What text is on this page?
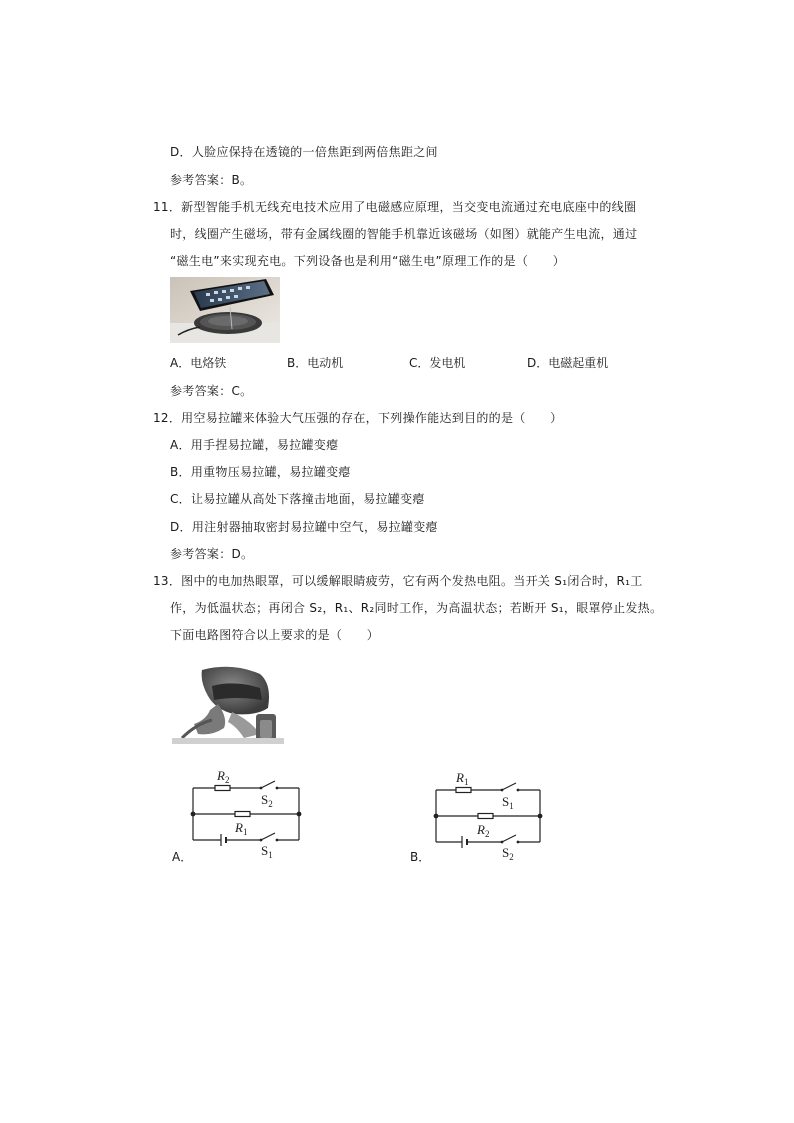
D．人脸应保持在透镜的一倍焦距到两倍焦距之间
参考答案：B。
11．新型智能手机无线充电技术应用了电磁感应原理，当交变电流通过充电底座中的线圈
时，线圈产生磁场，带有金属线圈的智能手机靠近该磁场（如图）就能产生电流，通过
“磁生电”来实现充电。下列设备也是利用“磁生电”原理工作的是（　　）
A．电烙铁	B．电动机	C．发电机	D．电磁起重机
参考答案：C。
12．用空易拉罐来体验大气压强的存在，下列操作能达到目的的是（　　）
A．用手捏易拉罐，易拉罐变瘪
B．用重物压易拉罐，易拉罐变瘪
C．让易拉罐从高处下落撞击地面，易拉罐变瘪
D．用注射器抽取密封易拉罐中空气，易拉罐变瘪
参考答案：D。
13．图中的电加热眼罩，可以缓解眼睛疲劳，它有两个发热电阻。当开关 S₁闭合时，R₁工
作，为低温状态；再闭合 S₂，R₁、R₂同时工作，为高温状态；若断开 S₁，眼罩停止发热。
下面电路图符合以上要求的是（　　）
$R_2$
$S_2$
$R_1$
$S_1$
A．
$R_1$
$S_1$
$R_2$
$S_2$
B．
